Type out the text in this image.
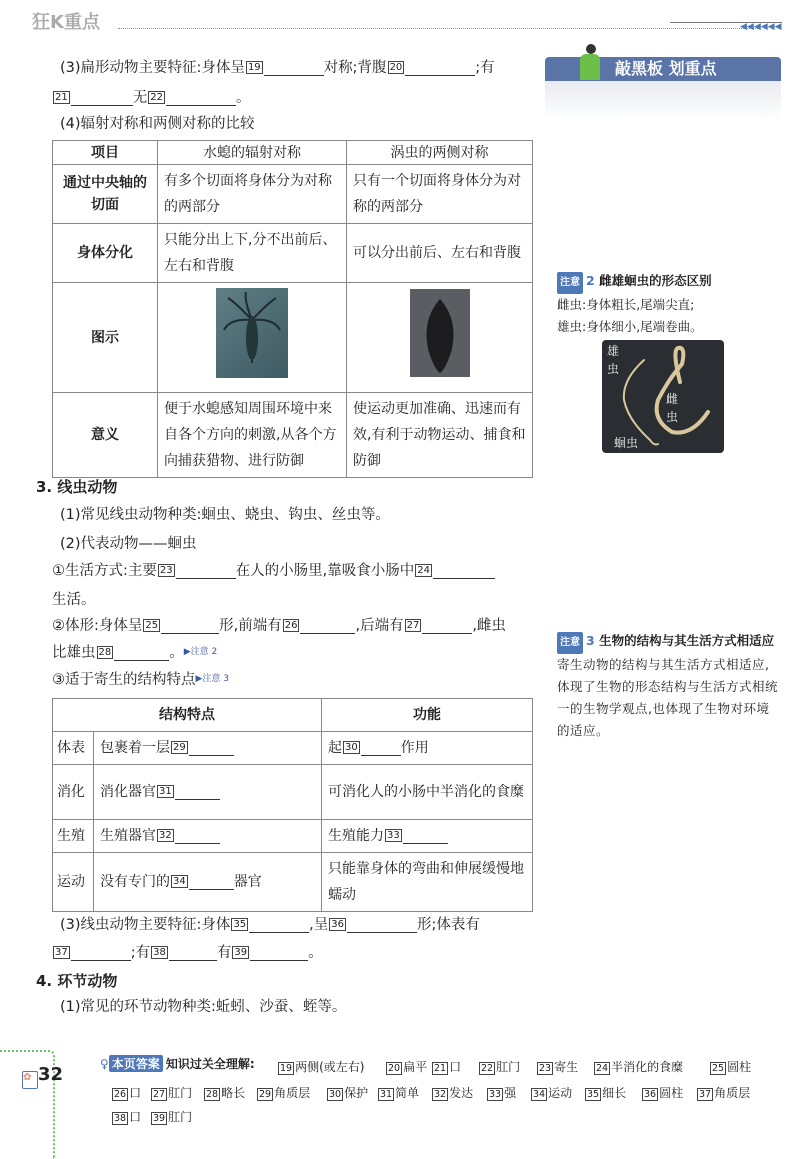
狂K重点	◀◀◀◀◀◀
(3)扁形动物主要特征:身体呈 19	对称;背腹 20	;有
21	无 22	。
(4)辐射对称和两侧对称的比较
项目	水螅的辐射对称	涡虫的两侧对称
通过中央轴的切面	有多个切面将身体分为对称的两部分	只有一个切面将身体分为对称的两部分
身体分化	只能分出上下,分不出前后、左右和背腹	可以分出前后、左右和背腹
图示		
意义	便于水螅感知周围环境中来自各个方向的刺激,从各个方向捕获猎物、进行防御	使运动更加准确、迅速而有效,有利于动物运动、捕食和防御
3. 线虫动物
(1)常见线虫动物种类:蛔虫、蛲虫、钩虫、丝虫等。
(2)代表动物——蛔虫
①生活方式:主要 23	在人的小肠里,靠吸食小肠中 24
生活。
②体形:身体呈 25	形,前端有 26	,后端有 27	,雌虫
比雄虫 28	。▶注意 2
③适于寄生的结构特点▶注意 3
结构特点		功能
体表	包裹着一层 29	起 30 作用
消化	消化器官 31	可消化人的小肠中半消化的食糜
生殖	生殖器官 32	生殖能力 33

运动	没有专门的 34 器官	只能靠身体的弯曲和伸展缓慢地蠕动
(3)线虫动物主要特征:身体 35	,呈 36	形;体表有
37	;有 38	有 39	。
4. 环节动物
(1)常见的环节动物种类:蚯蚓、沙蚕、蛭等。
敲黑板 划重点
注意 2 雌雄蛔虫的形态区别
雌虫:身体粗长,尾端尖直;
雄虫:身体细小,尾端卷曲。
雄虫
雌虫
蛔虫
注意 3 生物的结构与其生活方式相适应
寄生动物的结构与其生活方式相适应,体现了生物的形态结构与生活方式相统一的生物学观点,也体现了生物对环境的适应。
✿ 32	♀ 本页答案 知识过关全理解:	19 两侧(或左右) 20 扁平 21 口 22 肛门 23 寄生 24 半消化的食糜	25 圆柱
26 口 27 肛门 28 略长 29 角质层 30 保护 31 简单 32 发达 33 强 34 运动 35 细长 36 圆柱 37 角质层
38 口 39 肛门
